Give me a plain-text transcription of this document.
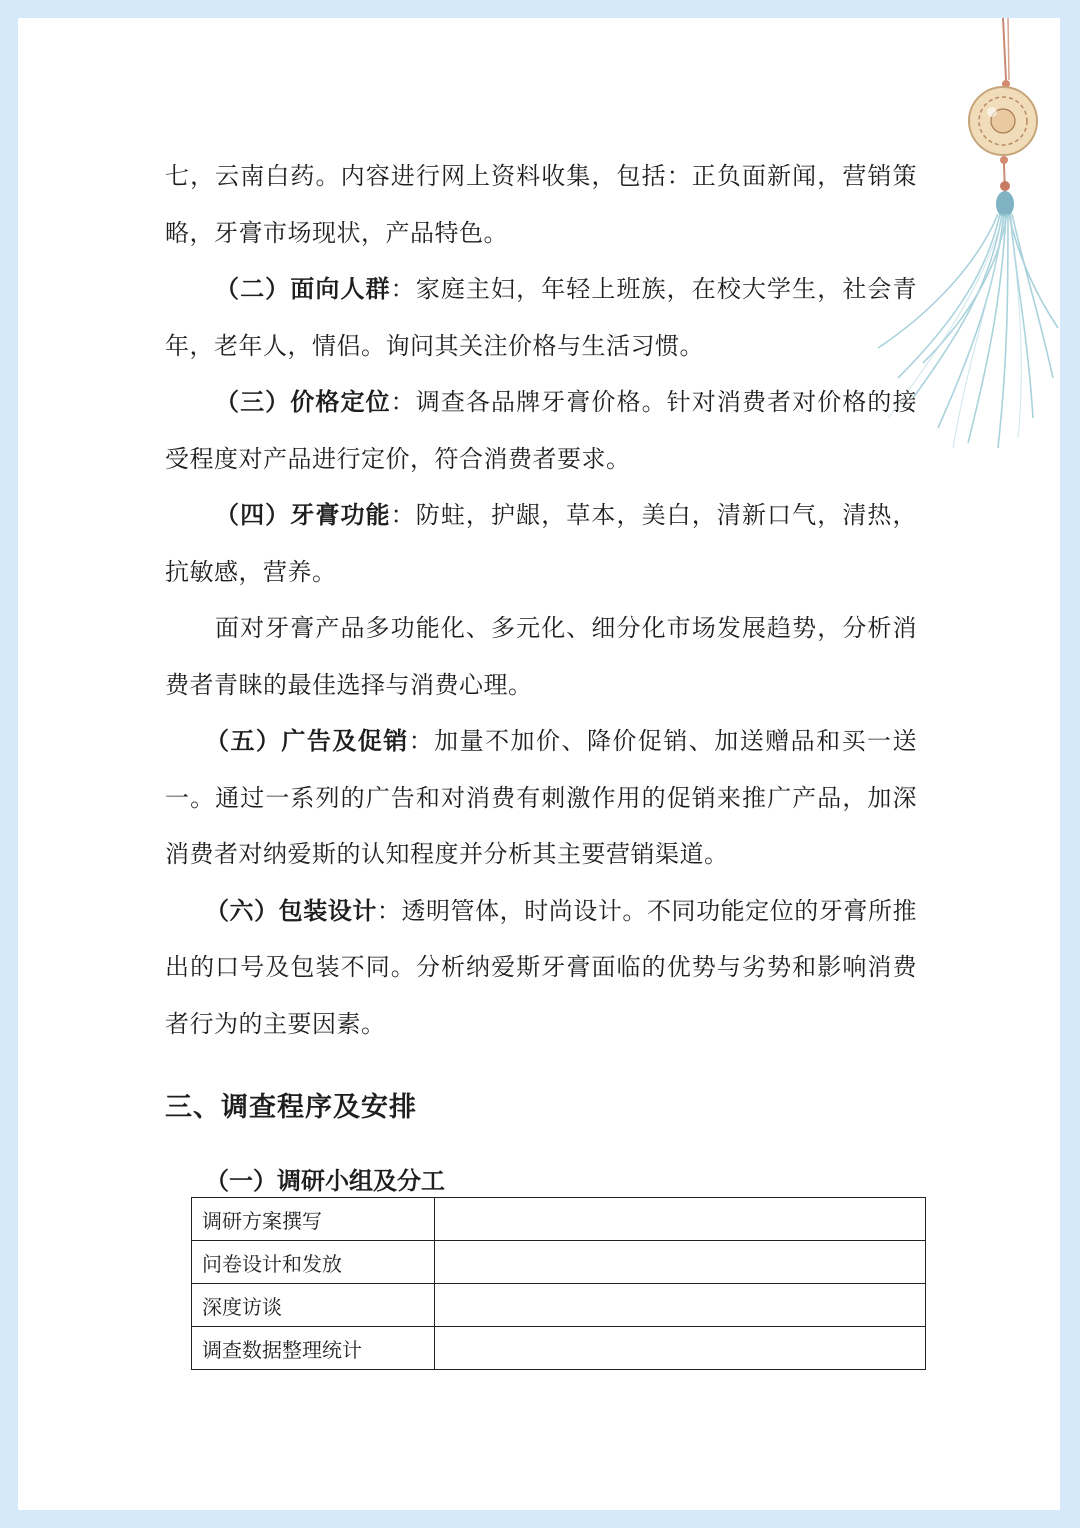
七，云南白药。内容进行网上资料收集，包括：正负面新闻，营销策略，牙膏市场现状，产品特色。

（二）面向人群：家庭主妇，年轻上班族，在校大学生，社会青年，老年人，情侣。询问其关注价格与生活习惯。

（三）价格定位：调查各品牌牙膏价格。针对消费者对价格的接受程度对产品进行定价，符合消费者要求。

（四）牙膏功能：防蛀，护龈，草本，美白，清新口气，清热，抗敏感，营养。

面对牙膏产品多功能化、多元化、细分化市场发展趋势，分析消费者青睐的最佳选择与消费心理。

（五）广告及促销：加量不加价、降价促销、加送赠品和买一送一。通过一系列的广告和对消费有刺激作用的促销来推广产品，加深消费者对纳爱斯的认知程度并分析其主要营销渠道。

（六）包装设计：透明管体，时尚设计。不同功能定位的牙膏所推出的口号及包装不同。分析纳爱斯牙膏面临的优势与劣势和影响消费者行为的主要因素。

三、调查程序及安排
（一）调研小组及分工
调研方案撰写	
问卷设计和发放	
深度访谈	
调查数据整理统计	
